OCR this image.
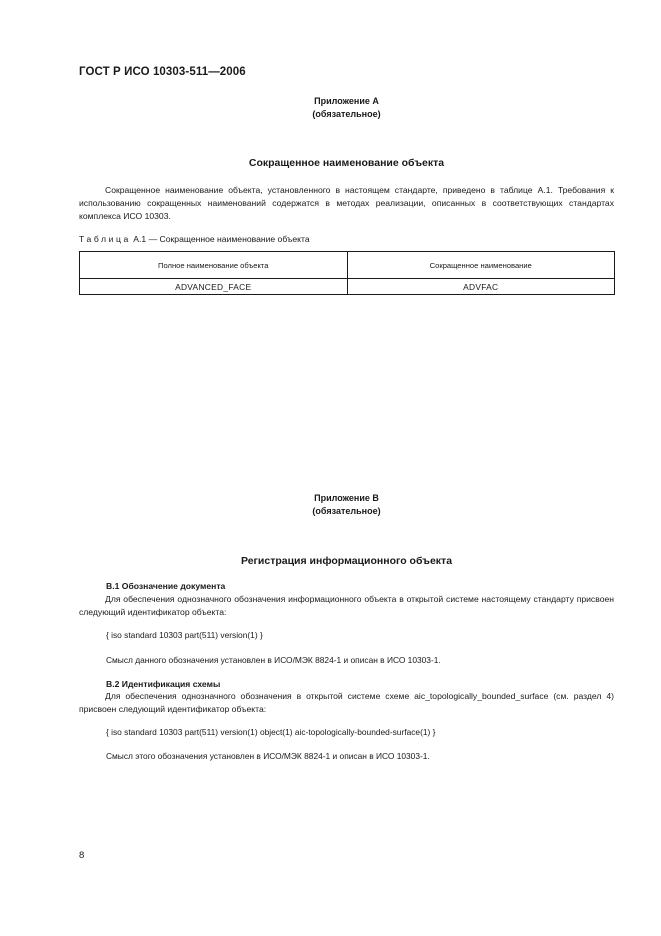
ГОСТ Р ИСО 10303-511—2006
Приложение А
(обязательное)
Сокращенное наименование объекта
Сокращенное наименование объекта, установленного в настоящем стандарте, приведено в таблице А.1. Требования к использованию сокращенных наименований содержатся в методах реализации, описанных в соответствующих стандартах комплекса ИСО 10303.
Таблица А.1 — Сокращенное наименование объекта
Полное наименование объекта	Сокращенное наименование
ADVANCED_FACE	ADVFAC
Приложение В
(обязательное)
Регистрация информационного объекта
В.1 Обозначение документа
Для обеспечения однозначного обозначения информационного объекта в открытой системе настоящему стандарту присвоен следующий идентификатор объекта:
{ iso standard 10303 part(511) version(1) }
Смысл данного обозначения установлен в ИСО/МЭК 8824-1 и описан в ИСО 10303-1.
В.2 Идентификация схемы
Для обеспечения однозначного обозначения в открытой системе схеме aic_topologically_bounded_surface (см. раздел 4) присвоен следующий идентификатор объекта:
{ iso standard 10303 part(511) version(1) object(1) aic-topologically-bounded-surface(1) }
Смысл этого обозначения установлен в ИСО/МЭК 8824-1 и описан в ИСО 10303-1.
8
